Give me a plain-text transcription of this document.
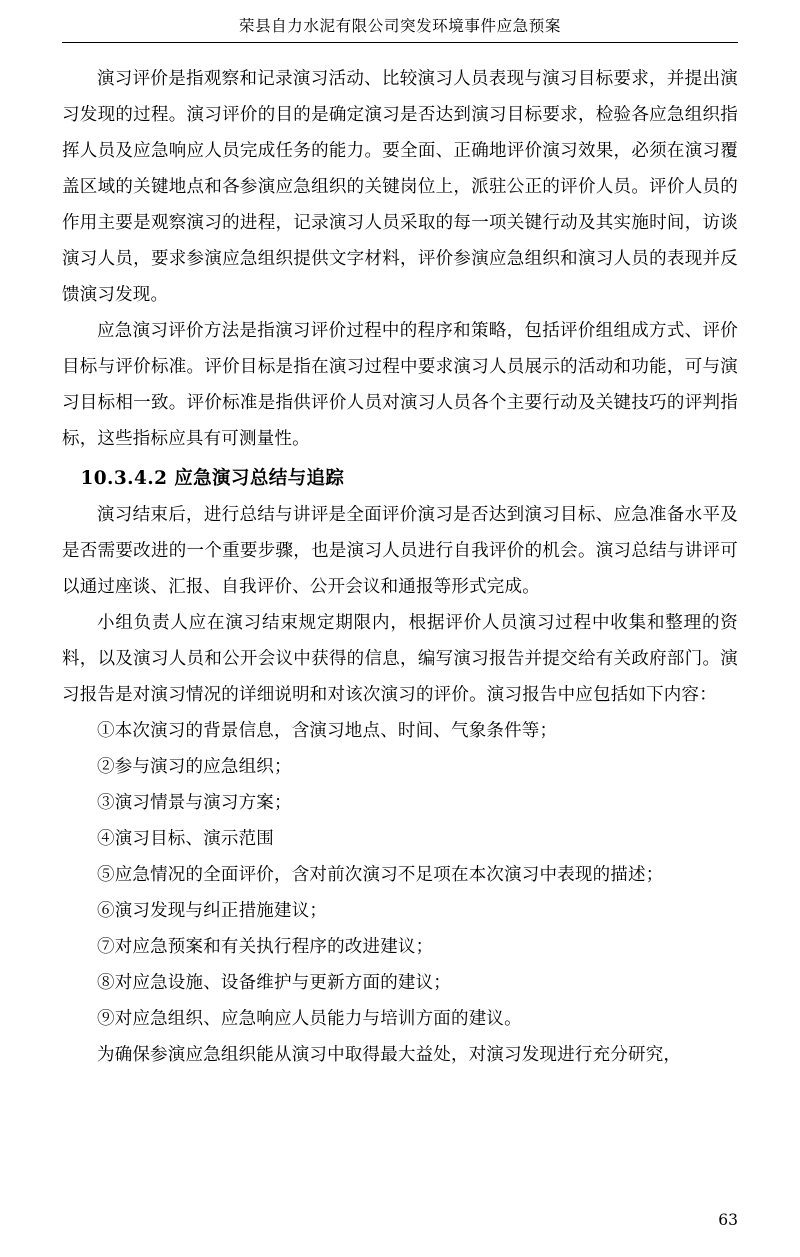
荣县自力水泥有限公司突发环境事件应急预案

演习评价是指观察和记录演习活动、比较演习人员表现与演习目标要求，并提出演习发现的过程。演习评价的目的是确定演习是否达到演习目标要求，检验各应急组织指挥人员及应急响应人员完成任务的能力。要全面、正确地评价演习效果，必须在演习覆盖区域的关键地点和各参演应急组织的关键岗位上，派驻公正的评价人员。评价人员的作用主要是观察演习的进程，记录演习人员采取的每一项关键行动及其实施时间，访谈演习人员，要求参演应急组织提供文字材料，评价参演应急组织和演习人员的表现并反馈演习发现。

应急演习评价方法是指演习评价过程中的程序和策略，包括评价组组成方式、评价目标与评价标准。评价目标是指在演习过程中要求演习人员展示的活动和功能，可与演习目标相一致。评价标准是指供评价人员对演习人员各个主要行动及关键技巧的评判指标，这些指标应具有可测量性。

10.3.4.2 应急演习总结与追踪

演习结束后，进行总结与讲评是全面评价演习是否达到演习目标、应急准备水平及是否需要改进的一个重要步骤，也是演习人员进行自我评价的机会。演习总结与讲评可以通过座谈、汇报、自我评价、公开会议和通报等形式完成。

小组负责人应在演习结束规定期限内，根据评价人员演习过程中收集和整理的资料，以及演习人员和公开会议中获得的信息，编写演习报告并提交给有关政府部门。演习报告是对演习情况的详细说明和对该次演习的评价。演习报告中应包括如下内容：

①本次演习的背景信息，含演习地点、时间、气象条件等；

②参与演习的应急组织；

③演习情景与演习方案；

④演习目标、演示范围

⑤应急情况的全面评价，含对前次演习不足项在本次演习中表现的描述；

⑥演习发现与纠正措施建议；

⑦对应急预案和有关执行程序的改进建议；

⑧对应急设施、设备维护与更新方面的建议；

⑨对应急组织、应急响应人员能力与培训方面的建议。

为确保参演应急组织能从演习中取得最大益处，对演习发现进行充分研究，

63
